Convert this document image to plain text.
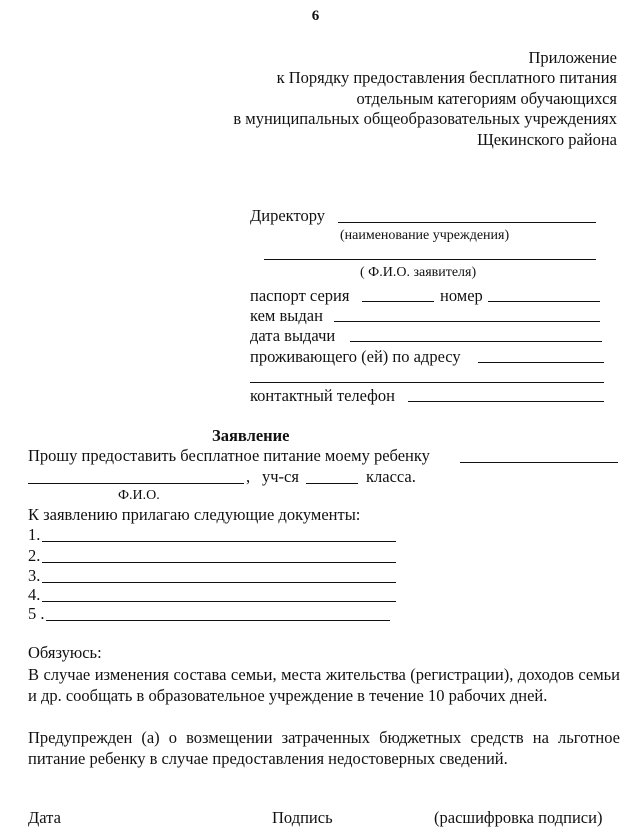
6
Приложение
к Порядку предоставления бесплатного питания
отдельным категориям обучающихся
в муниципальных общеобразовательных учреждениях
Щекинского района
Директору
(наименование учреждения)
( Ф.И.О. заявителя)
паспорт серия	номер
кем выдан
дата выдачи
проживающего (ей) по адресу
контактный телефон
Заявление
Прошу предоставить бесплатное питание моему ребенку
, уч-ся	класса.
Ф.И.О.
К заявлению прилагаю следующие документы:
1.
2.
3.
4.
5 .
Обязуюсь:
В случае изменения состава семьи, места жительства (регистрации), доходов семьи и др. сообщать в образовательное учреждение в течение 10 рабочих дней.
Предупрежден (а) о возмещении затраченных бюджетных средств на льготное питание ребенку в случае предоставления недостоверных сведений.
Дата	Подпись	(расшифровка подписи)
